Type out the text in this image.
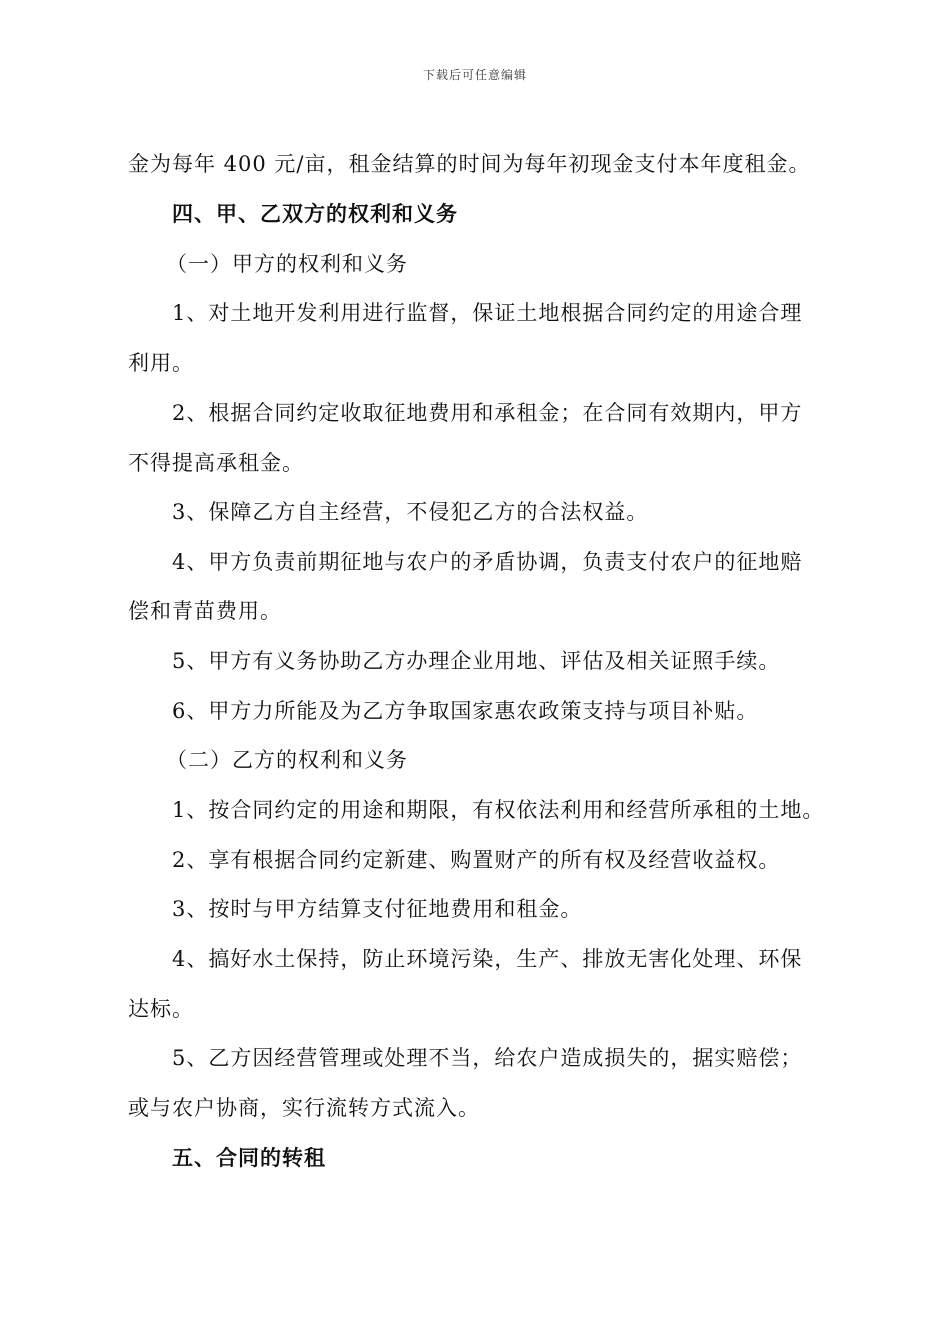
下载后可任意编辑
金为每年 400 元/亩，租金结算的时间为每年初现金支付本年度租金。
四、甲、乙双方的权利和义务
（一）甲方的权利和义务
1、对土地开发利用进行监督，保证土地根据合同约定的用途合理
利用。
2、根据合同约定收取征地费用和承租金；在合同有效期内，甲方
不得提高承租金。
3、保障乙方自主经营，不侵犯乙方的合法权益。
4、甲方负责前期征地与农户的矛盾协调，负责支付农户的征地赔
偿和青苗费用。
5、甲方有义务协助乙方办理企业用地、评估及相关证照手续。
6、甲方力所能及为乙方争取国家惠农政策支持与项目补贴。
（二）乙方的权利和义务
1、按合同约定的用途和期限，有权依法利用和经营所承租的土地。
2、享有根据合同约定新建、购置财产的所有权及经营收益权。
3、按时与甲方结算支付征地费用和租金。
4、搞好水土保持，防止环境污染，生产、排放无害化处理、环保
达标。
5、乙方因经营管理或处理不当，给农户造成损失的，据实赔偿；
或与农户协商，实行流转方式流入。
五、合同的转租
